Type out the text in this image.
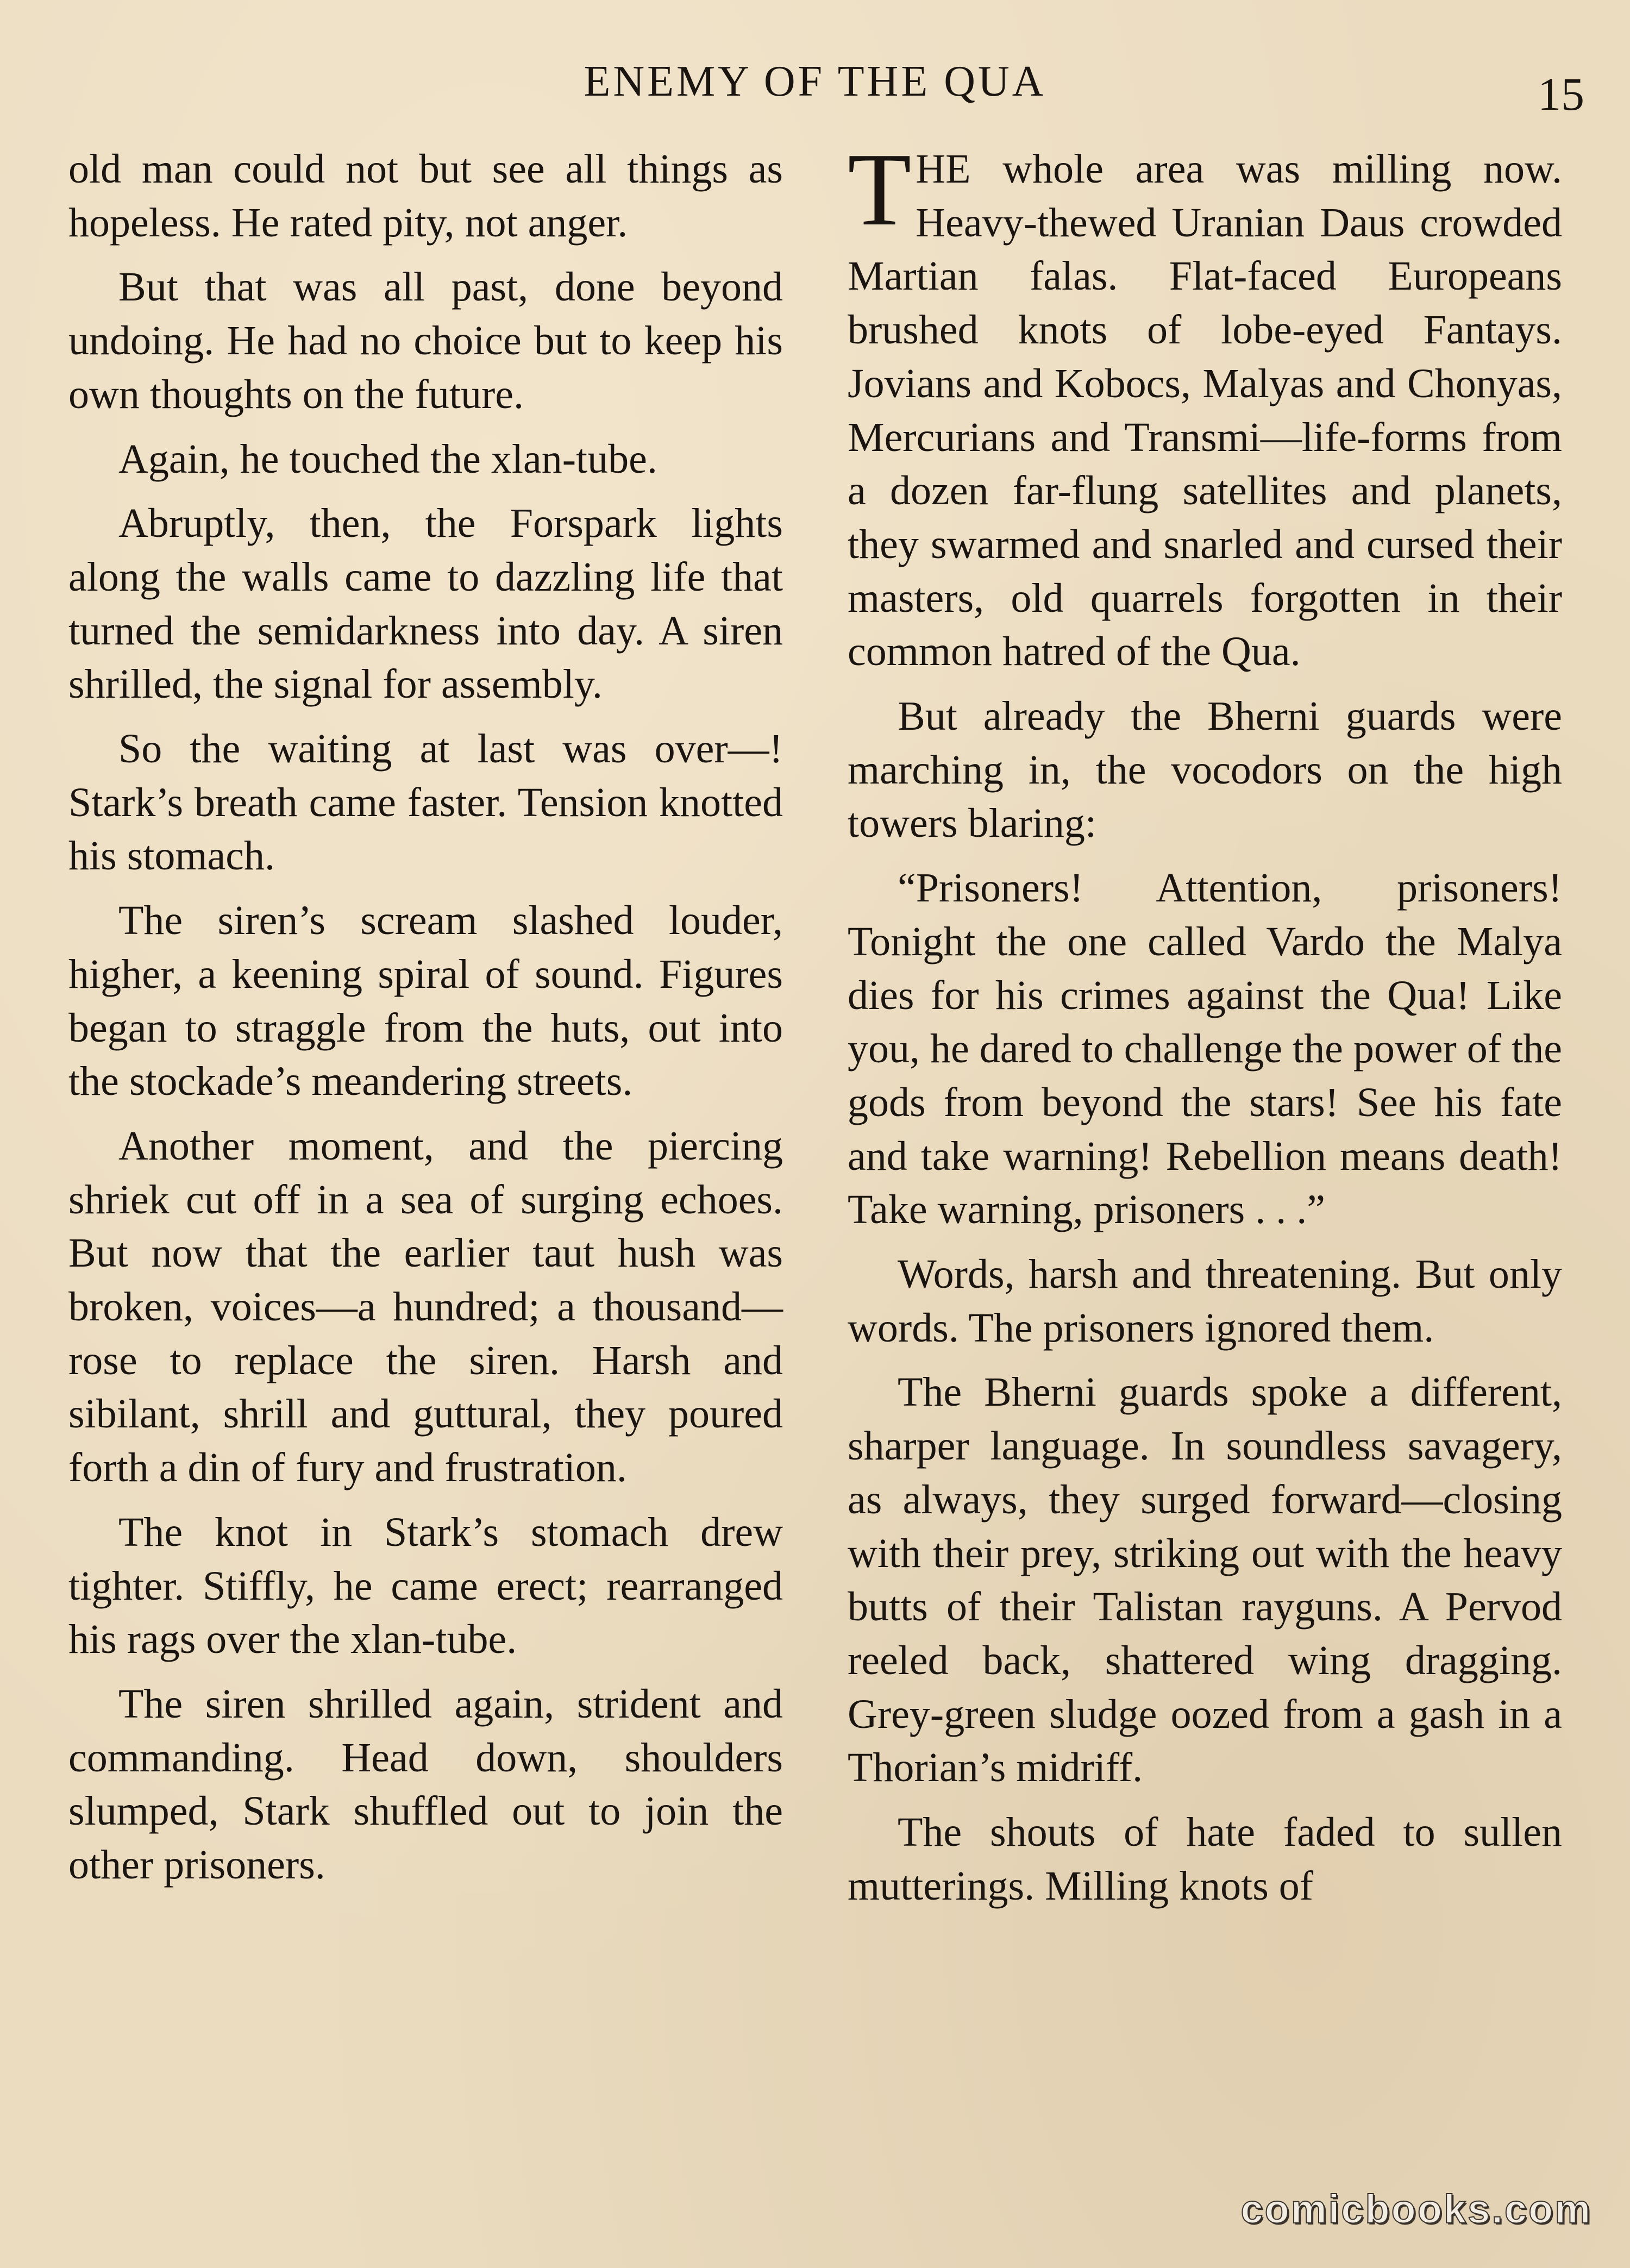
ENEMY OF THE QUA	15

old man could not but see all things as hopeless. He rated pity, not anger.

But that was all past, done beyond undoing. He had no choice but to keep his own thoughts on the future.

Again, he touched the xlan-tube.

Abruptly, then, the Forspark lights along the walls came to dazzling life that turned the semidarkness into day. A siren shrilled, the signal for assembly.

So the waiting at last was over—! Stark’s breath came faster. Tension knotted his stomach.

The siren’s scream slashed louder, higher, a keening spiral of sound. Figures began to straggle from the huts, out into the stockade’s meandering streets.

Another moment, and the piercing shriek cut off in a sea of surging echoes. But now that the earlier taut hush was broken, voices—a hundred; a thousand—rose to replace the siren. Harsh and sibilant, shrill and guttural, they poured forth a din of fury and frustration.

The knot in Stark’s stomach drew tighter. Stiffly, he came erect; rearranged his rags over the xlan-tube.

The siren shrilled again, strident and commanding. Head down, shoulders slumped, Stark shuffled out to join the other prisoners.

THE whole area was milling now. Heavy-thewed Uranian Daus crowded Martian falas. Flat-faced Europeans brushed knots of lobe-eyed Fantays. Jovians and Kobocs, Malyas and Chonyas, Mercurians and Transmi—life-forms from a dozen far-flung satellites and planets, they swarmed and snarled and cursed their masters, old quarrels forgotten in their common hatred of the Qua.

But already the Bherni guards were marching in, the vocodors on the high towers blaring:

“Prisoners! Attention, prisoners! Tonight the one called Vardo the Malya dies for his crimes against the Qua! Like you, he dared to challenge the power of the gods from beyond the stars! See his fate and take warning! Rebellion means death! Take warning, prisoners . . .”

Words, harsh and threatening. But only words. The prisoners ignored them.

The Bherni guards spoke a different, sharper language. In soundless savagery, as always, they surged forward—closing with their prey, striking out with the heavy butts of their Talistan rayguns. A Pervod reeled back, shattered wing dragging. Grey-green sludge oozed from a gash in a Thorian’s midriff.

The shouts of hate faded to sullen mutterings. Milling knots of

comicbooks.com
